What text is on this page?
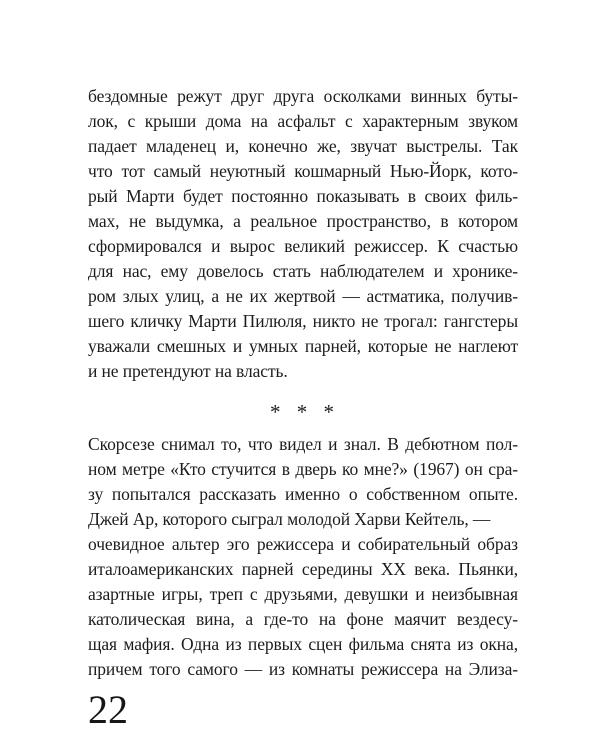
бездомные режут друг друга осколками винных буты-
лок, с крыши дома на асфальт с характерным звуком
падает младенец и, конечно же, звучат выстрелы. Так
что тот самый неуютный кошмарный Нью-Йорк, кото-
рый Марти будет постоянно показывать в своих филь-
мах, не выдумка, а реальное пространство, в котором
сформировался и вырос великий режиссер. К счастью
для нас, ему довелось стать наблюдателем и хронике-
ром злых улиц, а не их жертвой — астматика, получив-
шего кличку Марти Пилюля, никто не трогал: гангстеры
уважали смешных и умных парней, которые не наглеют
и не претендуют на власть.
* * *
Скорсезе снимал то, что видел и знал. В дебютном пол-
ном метре «Кто стучится в дверь ко мне?» (1967) он сра-
зу попытался рассказать именно о собственном опыте.
Джей Ар, которого сыграл молодой Харви Кейтель, —
очевидное альтер эго режиссера и собирательный образ
италоамериканских парней середины XX века. Пьянки,
азартные игры, треп с друзьями, девушки и неизбывная
католическая вина, а где-то на фоне маячит вездесу-
щая мафия. Одна из первых сцен фильма снята из окна,
причем того самого — из комнаты режиссера на Элиза-
22
